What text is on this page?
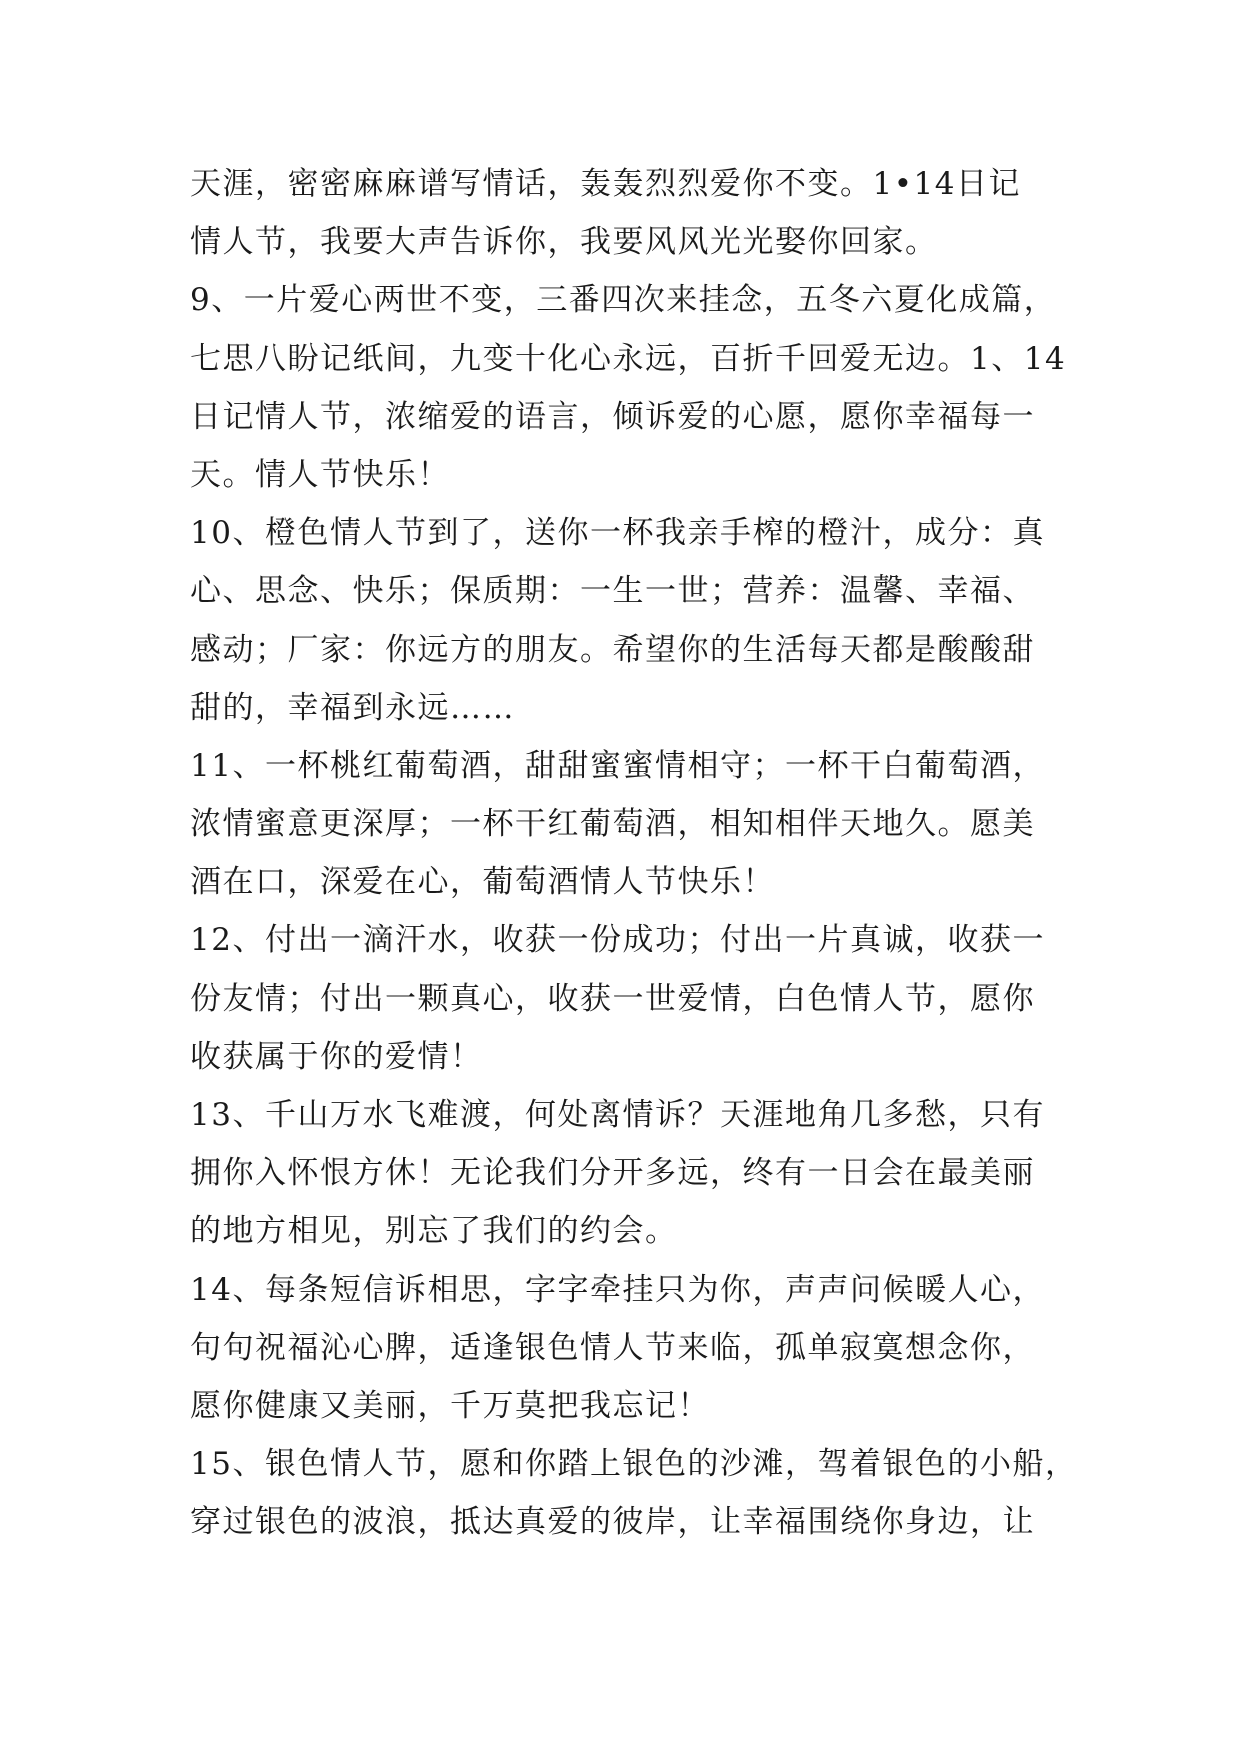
天涯，密密麻麻谱写情话，轰轰烈烈爱你不变。1•14日记
情人节，我要大声告诉你，我要风风光光娶你回家。
9、一片爱心两世不变，三番四次来挂念，五冬六夏化成篇，
七思八盼记纸间，九变十化心永远，百折千回爱无边。1、14
日记情人节，浓缩爱的语言，倾诉爱的心愿，愿你幸福每一
天。情人节快乐！
10、橙色情人节到了，送你一杯我亲手榨的橙汁，成分：真
心、思念、快乐；保质期：一生一世；营养：温馨、幸福、
感动；厂家：你远方的朋友。希望你的生活每天都是酸酸甜
甜的，幸福到永远……
11、一杯桃红葡萄酒，甜甜蜜蜜情相守；一杯干白葡萄酒，
浓情蜜意更深厚；一杯干红葡萄酒，相知相伴天地久。愿美
酒在口，深爱在心，葡萄酒情人节快乐！
12、付出一滴汗水，收获一份成功；付出一片真诚，收获一
份友情；付出一颗真心，收获一世爱情，白色情人节，愿你
收获属于你的爱情！
13、千山万水飞难渡，何处离情诉？天涯地角几多愁，只有
拥你入怀恨方休！无论我们分开多远，终有一日会在最美丽
的地方相见，别忘了我们的约会。
14、每条短信诉相思，字字牵挂只为你，声声问候暖人心，
句句祝福沁心脾，适逢银色情人节来临，孤单寂寞想念你，
愿你健康又美丽，千万莫把我忘记！
15、银色情人节，愿和你踏上银色的沙滩，驾着银色的小船，
穿过银色的波浪，抵达真爱的彼岸，让幸福围绕你身边，让
